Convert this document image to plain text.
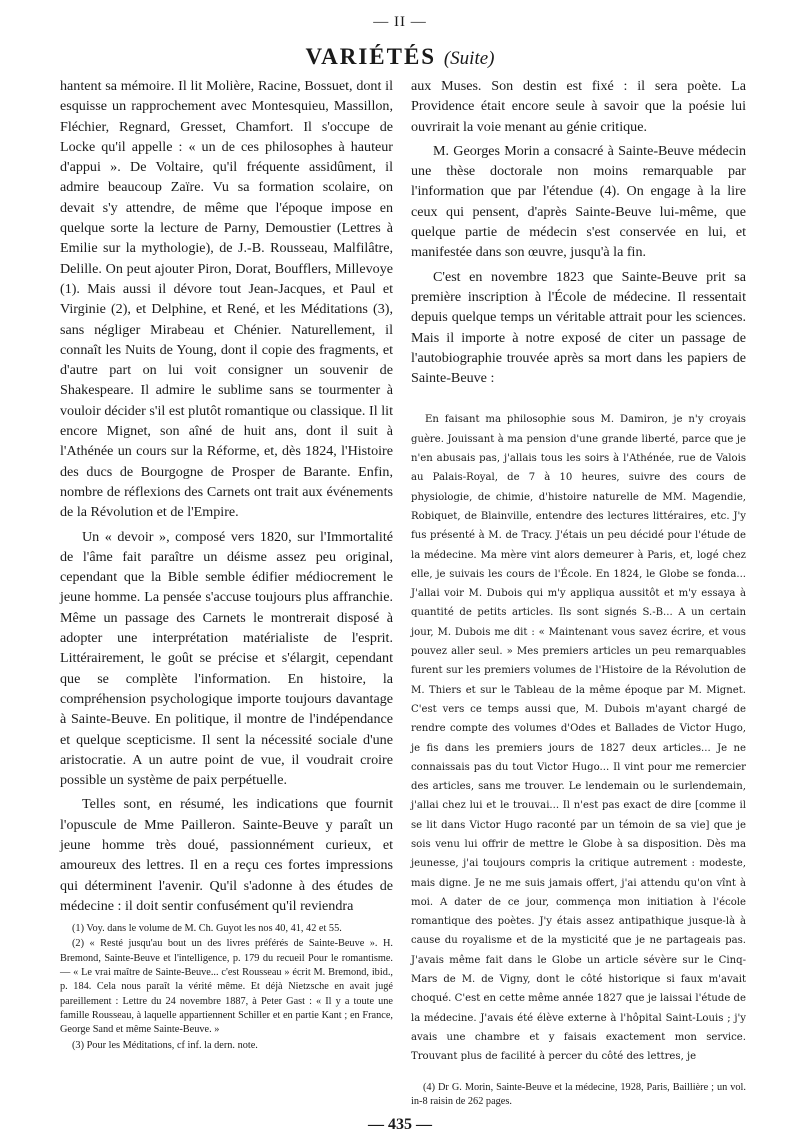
— II —
VARIÉTÉS (Suite)

hantent sa mémoire. Il lit Molière, Racine, Bossuet, dont il esquisse un rapprochement avec Montesquieu, Massillon, Fléchier, Regnard, Gresset, Chamfort. Il s'occupe de Locke qu'il appelle : « un de ces philosophes à hauteur d'appui ». De Voltaire, qu'il fréquente assidûment, il admire beaucoup Zaïre. Vu sa formation scolaire, on devait s'y attendre, de même que l'époque impose en quelque sorte la lecture de Parny, Demoustier (Lettres à Emilie sur la mythologie), de J.-B. Rousseau, Malfilâtre, Delille. On peut ajouter Piron, Dorat, Boufflers, Millevoye (1). Mais aussi il dévore tout Jean-Jacques, et Paul et Virginie (2), et Delphine, et René, et les Méditations (3), sans négliger Mirabeau et Chénier. Naturellement, il connaît les Nuits de Young, dont il copie des fragments, et d'autre part on lui voit consigner un souvenir de Shakespeare. Il admire le sublime sans se tourmenter à vouloir décider s'il est plutôt romantique ou classique. Il lit encore Mignet, son aîné de huit ans, dont il suit à l'Athénée un cours sur la Réforme, et, dès 1824, l'Histoire des ducs de Bourgogne de Prosper de Barante. Enfin, nombre de réflexions des Carnets ont trait aux événements de la Révolution et de l'Empire.

Un « devoir », composé vers 1820, sur l'Immortalité de l'âme fait paraître un déisme assez peu original, cependant que la Bible semble édifier médiocrement le jeune homme. La pensée s'accuse toujours plus affranchie. Même un passage des Carnets le montrerait disposé à adopter une interprétation matérialiste de l'esprit. Littérairement, le goût se précise et s'élargit, cependant que se complète l'information. En histoire, la compréhension psychologique importe toujours davantage à Sainte-Beuve. En politique, il montre de l'indépendance et quelque scepticisme. Il sent la nécessité sociale d'une aristocratie. A un autre point de vue, il voudrait croire possible un système de paix perpétuelle.

Telles sont, en résumé, les indications que fournit l'opuscule de Mme Pailleron. Sainte-Beuve y paraît un jeune homme très doué, passionnément curieux, et amoureux des lettres. Il en a reçu ces fortes impressions qui déterminent l'avenir. Qu'il s'adonne à des études de médecine : il doit sentir confusément qu'il reviendra

(1) Voy. dans le volume de M. Ch. Guyot les nos 40, 41, 42 et 55.

(2) « Resté jusqu'au bout un des livres préférés de Sainte-Beuve ». H. Bremond, Sainte-Beuve et l'intelligence, p. 179 du recueil Pour le romantisme. — « Le vrai maître de Sainte-Beuve... c'est Rousseau » écrit M. Bremond, ibid., p. 184. Cela nous paraît la vérité même. Et déjà Nietzsche en avait jugé pareillement : Lettre du 24 novembre 1887, à Peter Gast : « Il y a toute une famille Rousseau, à laquelle appartiennent Schiller et en partie Kant ; en France, George Sand et même Sainte-Beuve. »

(3) Pour les Méditations, cf inf. la dern. note.

aux Muses. Son destin est fixé : il sera poète. La Providence était encore seule à savoir que la poésie lui ouvrirait la voie menant au génie critique.

M. Georges Morin a consacré à Sainte-Beuve médecin une thèse doctorale non moins remarquable par l'information que par l'étendue (4). On engage à la lire ceux qui pensent, d'après Sainte-Beuve lui-même, que quelque partie de médecin s'est conservée en lui, et manifestée dans son œuvre, jusqu'à la fin.

C'est en novembre 1823 que Sainte-Beuve prit sa première inscription à l'École de médecine. Il ressentait depuis quelque temps un véritable attrait pour les sciences. Mais il importe à notre exposé de citer un passage de l'autobiographie trouvée après sa mort dans les papiers de Sainte-Beuve :

En faisant ma philosophie sous M. Damiron, je n'y croyais guère. Jouissant à ma pension d'une grande liberté, parce que je n'en abusais pas, j'allais tous les soirs à l'Athénée, rue de Valois au Palais-Royal, de 7 à 10 heures, suivre des cours de physiologie, de chimie, d'histoire naturelle de MM. Magendie, Robiquet, de Blainville, entendre des lectures littéraires, etc. J'y fus présenté à M. de Tracy. J'étais un peu décidé pour l'étude de la médecine. Ma mère vint alors demeurer à Paris, et, logé chez elle, je suivais les cours de l'École. En 1824, le Globe se fonda... J'allai voir M. Dubois qui m'y appliqua aussitôt et m'y essaya à quantité de petits articles. Ils sont signés S.-B... A un certain jour, M. Dubois me dit : « Maintenant vous savez écrire, et vous pouvez aller seul. » Mes premiers articles un peu remarquables furent sur les premiers volumes de l'Histoire de la Révolution de M. Thiers et sur le Tableau de la même époque par M. Mignet. C'est vers ce temps aussi que, M. Dubois m'ayant chargé de rendre compte des volumes d'Odes et Ballades de Victor Hugo, je fis dans les premiers jours de 1827 deux articles... Je ne connaissais pas du tout Victor Hugo... Il vint pour me remercier des articles, sans me trouver. Le lendemain ou le surlendemain, j'allai chez lui et le trouvai... Il n'est pas exact de dire [comme il se lit dans Victor Hugo raconté par un témoin de sa vie] que je sois venu lui offrir de mettre le Globe à sa disposition. Dès ma jeunesse, j'ai toujours compris la critique autrement : modeste, mais digne. Je ne me suis jamais offert, j'ai attendu qu'on vînt à moi. A dater de ce jour, commença mon initiation à l'école romantique des poètes. J'y étais assez antipathique jusque-là à cause du royalisme et de la mysticité que je ne partageais pas. J'avais même fait dans le Globe un article sévère sur le Cinq-Mars de M. de Vigny, dont le côté historique si faux m'avait choqué. C'est en cette même année 1827 que je laissai l'étude de la médecine. J'avais été élève externe à l'hôpital Saint-Louis ; j'y avais une chambre et y faisais exactement mon service. Trouvant plus de facilité à percer du côté des lettres, je

(4) Dr G. Morin, Sainte-Beuve et la médecine, 1928, Paris, Baillière ; un vol. in-8 raisin de 262 pages.

— 435 —
